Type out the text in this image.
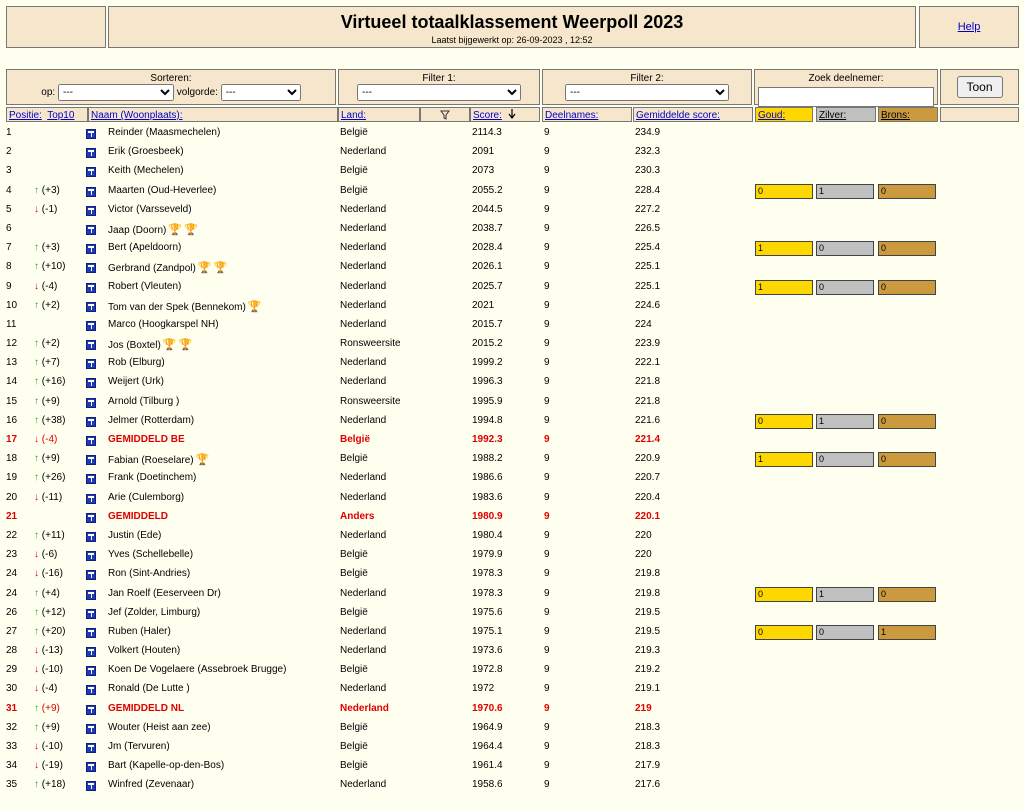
Virtueel totaalklassement Weerpoll 2023
Laatst bijgewerkt op: 26-09-2023 , 12:52
Help
Sorteren:
op:
---	volgorde:
---
Filter 1:
---	Filter 2:
---	Zoek deelnemer:
Toon
Positie: Top10	Naam (Woonplaats):	Land:	Score:	Deelnames:	Gemiddelde score:	Goud:	Zilver:	Brons:
1	Reinder (Maasmechelen)	België	2114.3	9	234.9
2	Erik (Groesbeek)	Nederland	2091	9	232.3
3	Keith (Mechelen)	België	2073	9	230.3
4 ↑ (+3)	Maarten (Oud-Heverlee)	België	2055.2	9	228.4	0	1	0
5 ↓ (-1)	Victor (Varsseveld)	Nederland	2044.5	9	227.2
6	Jaap (Doorn) 🏆 🏆	Nederland	2038.7	9	226.5
7 ↑ (+3)	Bert (Apeldoorn)	Nederland	2028.4	9	225.4	1	0	0
8 ↑ (+10)	Gerbrand (Zandpol) 🏆 🏆	Nederland	2026.1	9	225.1
9 ↓ (-4)	Robert (Vleuten)	Nederland	2025.7	9	225.1	1	0	0
10 ↑ (+2)	Tom van der Spek (Bennekom) 🏆	Nederland	2021	9	224.6
11	Marco (Hoogkarspel NH)	Nederland	2015.7	9	224
12 ↑ (+2)	Jos (Boxtel) 🏆 🏆	Ronsweersite	2015.2	9	223.9
13 ↑ (+7)	Rob (Elburg)	Nederland	1999.2	9	222.1
14 ↑ (+16)	Weijert (Urk)	Nederland	1996.3	9	221.8
15 ↑ (+9)	Arnold (Tilburg )	Ronsweersite	1995.9	9	221.8
16 ↑ (+38)	Jelmer (Rotterdam)	Nederland	1994.8	9	221.6	0	1	0
17 ↓ (-4)	GEMIDDELD BE	België	1992.3	9	221.4
18 ↑ (+9)	Fabian (Roeselare) 🏆	België	1988.2	9	220.9	1	0	0
19 ↑ (+26)	Frank (Doetinchem)	Nederland	1986.6	9	220.7
20 ↓ (-11)	Arie (Culemborg)	Nederland	1983.6	9	220.4
21	GEMIDDELD	Anders	1980.9	9	220.1
22 ↑ (+11)	Justin (Ede)	Nederland	1980.4	9	220
23 ↓ (-6)	Yves (Schellebelle)	België	1979.9	9	220
24 ↓ (-16)	Ron (Sint-Andries)	België	1978.3	9	219.8
24 ↑ (+4)	Jan Roelf (Eeserveen Dr)	Nederland	1978.3	9	219.8	0	1	0
26 ↑ (+12)	Jef (Zolder, Limburg)	België	1975.6	9	219.5
27 ↑ (+20)	Ruben (Haler)	Nederland	1975.1	9	219.5	0	0	1
28 ↓ (-13)	Volkert (Houten)	Nederland	1973.6	9	219.3
29 ↓ (-10)	Koen De Vogelaere (Assebroek Brugge)	België	1972.8	9	219.2
30 ↓ (-4)	Ronald (De Lutte )	Nederland	1972	9	219.1
31 ↑ (+9)	GEMIDDELD NL	Nederland	1970.6	9	219
32 ↑ (+9)	Wouter (Heist aan zee)	België	1964.9	9	218.3
33 ↓ (-10)	Jm (Tervuren)	België	1964.4	9	218.3
34 ↓ (-19)	Bart (Kapelle-op-den-Bos)	België	1961.4	9	217.9
35 ↑ (+18)	Winfred (Zevenaar)	Nederland	1958.6	9	217.6
